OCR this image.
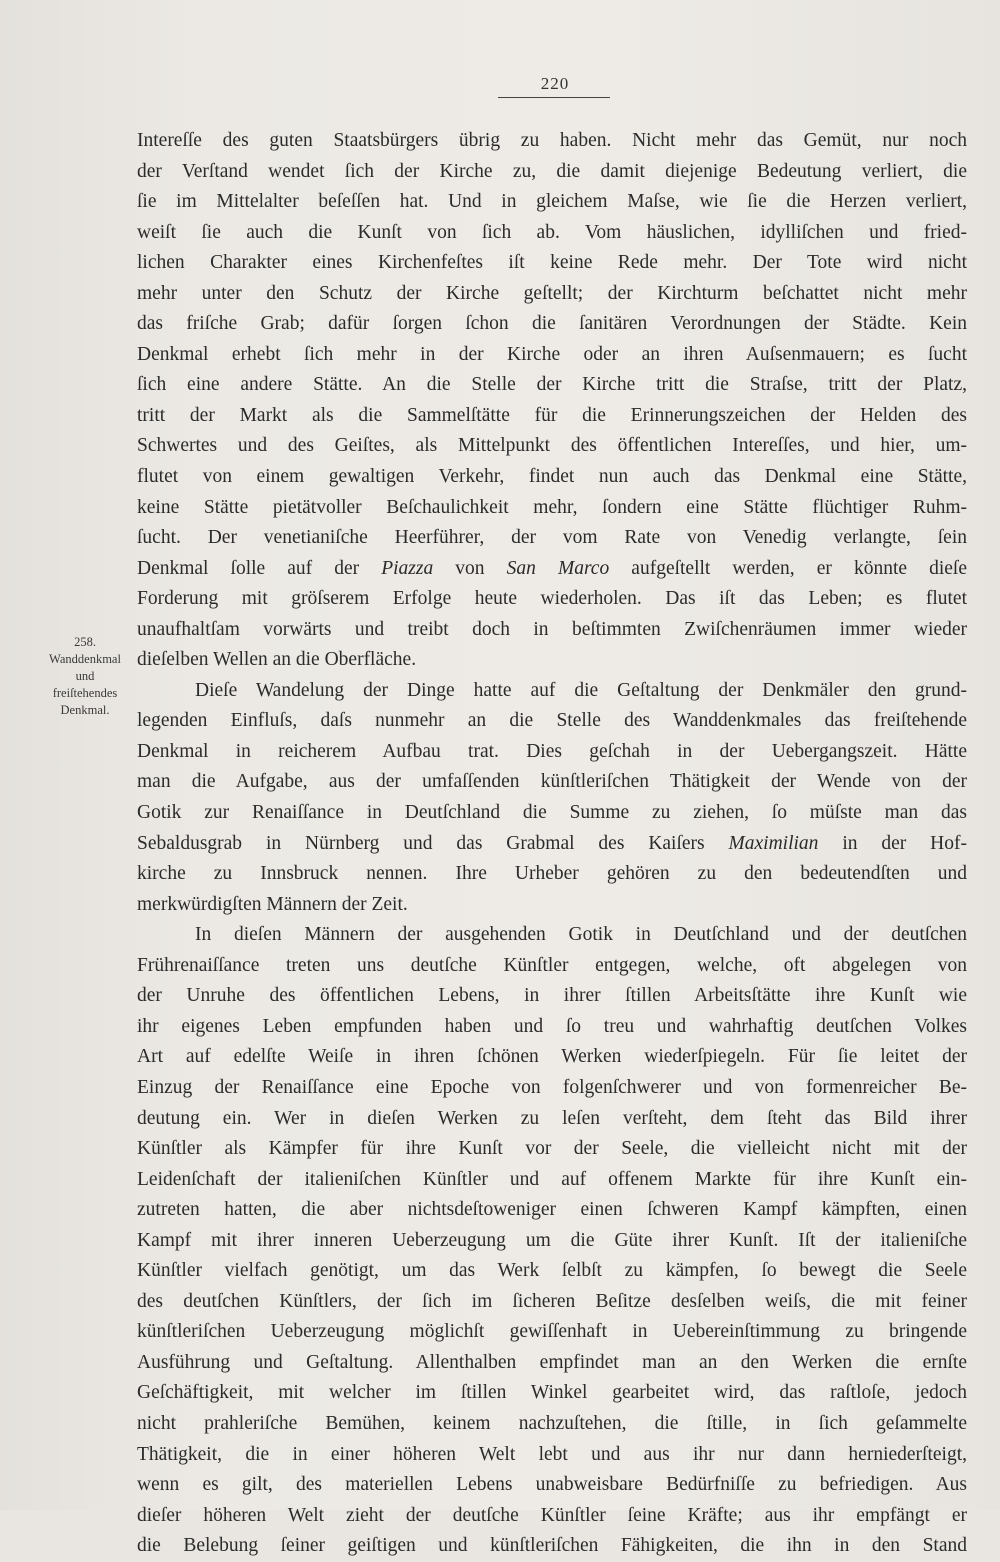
220
258.
Wanddenkmal
und
freiſtehendes
Denkmal.
Intereſſe des guten Staatsbürgers übrig zu haben. Nicht mehr das Gemüt, nur noch
der Verſtand wendet ſich der Kirche zu, die damit diejenige Bedeutung verliert, die
ſie im Mittelalter beſeſſen hat. Und in gleichem Maſse, wie ſie die Herzen verliert,
weiſt ſie auch die Kunſt von ſich ab. Vom häuslichen, idylliſchen und fried-
lichen Charakter eines Kirchenfeſtes iſt keine Rede mehr. Der Tote wird nicht
mehr unter den Schutz der Kirche geſtellt; der Kirchturm beſchattet nicht mehr
das friſche Grab; dafür ſorgen ſchon die ſanitären Verordnungen der Städte. Kein
Denkmal erhebt ſich mehr in der Kirche oder an ihren Auſsenmauern; es ſucht
ſich eine andere Stätte. An die Stelle der Kirche tritt die Straſse, tritt der Platz,
tritt der Markt als die Sammelſtätte für die Erinnerungszeichen der Helden des
Schwertes und des Geiſtes, als Mittelpunkt des öffentlichen Intereſſes, und hier, um-
flutet von einem gewaltigen Verkehr, findet nun auch das Denkmal eine Stätte,
keine Stätte pietätvoller Beſchaulichkeit mehr, ſondern eine Stätte flüchtiger Ruhm-
ſucht. Der venetianiſche Heerführer, der vom Rate von Venedig verlangte, ſein
Denkmal ſolle auf der Piazza von San Marco aufgeſtellt werden, er könnte dieſe
Forderung mit gröſserem Erfolge heute wiederholen. Das iſt das Leben; es flutet
unaufhaltſam vorwärts und treibt doch in beſtimmten Zwiſchenräumen immer wieder
dieſelben Wellen an die Oberfläche.
Dieſe Wandelung der Dinge hatte auf die Geſtaltung der Denkmäler den grund-
legenden Einfluſs, daſs nunmehr an die Stelle des Wanddenkmales das freiſtehende
Denkmal in reicherem Aufbau trat. Dies geſchah in der Uebergangszeit. Hätte
man die Aufgabe, aus der umfaſſenden künſtleriſchen Thätigkeit der Wende von der
Gotik zur Renaiſſance in Deutſchland die Summe zu ziehen, ſo müſste man das
Sebaldusgrab in Nürnberg und das Grabmal des Kaiſers Maximilian in der Hof-
kirche zu Innsbruck nennen. Ihre Urheber gehören zu den bedeutendſten und
merkwürdigſten Männern der Zeit.
In dieſen Männern der ausgehenden Gotik in Deutſchland und der deutſchen
Frührenaiſſance treten uns deutſche Künſtler entgegen, welche, oft abgelegen von
der Unruhe des öffentlichen Lebens, in ihrer ſtillen Arbeitsſtätte ihre Kunſt wie
ihr eigenes Leben empfunden haben und ſo treu und wahrhaftig deutſchen Volkes
Art auf edelſte Weiſe in ihren ſchönen Werken wiederſpiegeln. Für ſie leitet der
Einzug der Renaiſſance eine Epoche von folgenſchwerer und von formenreicher Be-
deutung ein. Wer in dieſen Werken zu leſen verſteht, dem ſteht das Bild ihrer
Künſtler als Kämpfer für ihre Kunſt vor der Seele, die vielleicht nicht mit der
Leidenſchaft der italieniſchen Künſtler und auf offenem Markte für ihre Kunſt ein-
zutreten hatten, die aber nichtsdeſtoweniger einen ſchweren Kampf kämpften, einen
Kampf mit ihrer inneren Ueberzeugung um die Güte ihrer Kunſt. Iſt der italieniſche
Künſtler vielfach genötigt, um das Werk ſelbſt zu kämpfen, ſo bewegt die Seele
des deutſchen Künſtlers, der ſich im ſicheren Beſitze desſelben weiſs, die mit feiner
künſtleriſchen Ueberzeugung möglichſt gewiſſenhaft in Uebereinſtimmung zu bringende
Ausführung und Geſtaltung. Allenthalben empfindet man an den Werken die ernſte
Geſchäftigkeit, mit welcher im ſtillen Winkel gearbeitet wird, das raſtloſe, jedoch
nicht prahleriſche Bemühen, keinem nachzuſtehen, die ſtille, in ſich geſammelte
Thätigkeit, die in einer höheren Welt lebt und aus ihr nur dann herniederſteigt,
wenn es gilt, des materiellen Lebens unabweisbare Bedürfniſſe zu befriedigen. Aus
dieſer höheren Welt zieht der deutſche Künſtler ſeine Kräfte; aus ihr empfängt er
die Belebung ſeiner geiſtigen und künſtleriſchen Fähigkeiten, die ihn in den Stand
